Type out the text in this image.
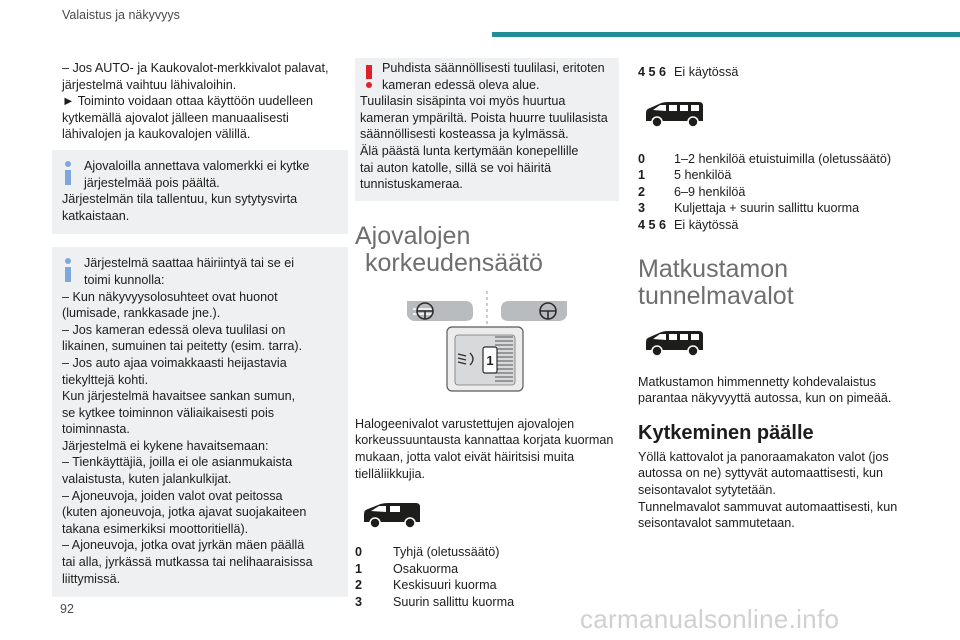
Valaistus ja näkyvyys

– Jos AUTO- ja Kaukovalot-merkkivalot palavat,

järjestelmä vaihtuu lähivaloihin.

► Toiminto voidaan ottaa käyttöön uudelleen

kytkemällä ajovalot jälleen manuaalisesti

lähivalojen ja kaukovalojen välillä.

Ajovaloilla annettava valomerkki ei kytke

järjestelmää pois päältä.

Järjestelmän tila tallentuu, kun sytytysvirta

katkaistaan.

Järjestelmä saattaa häiriintyä tai se ei

toimi kunnolla:

– Kun näkyvyysolosuhteet ovat huonot

(lumisade, rankkasade jne.).

– Jos kameran edessä oleva tuulilasi on

likainen, sumuinen tai peitetty (esim. tarra).

– Jos auto ajaa voimakkaasti heijastavia

tiekylttejä kohti.

Kun järjestelmä havaitsee sankan sumun,

se kytkee toiminnon väliaikaisesti pois

toiminnasta.

Järjestelmä ei kykene havaitsemaan:

– Tienkäyttäjiä, joilla ei ole asianmukaista

valaistusta, kuten jalankulkijat.

– Ajoneuvoja, joiden valot ovat peitossa

(kuten ajoneuvoja, jotka ajavat suojakaiteen

takana esimerkiksi moottoritiellä).

– Ajoneuvoja, jotka ovat jyrkän mäen päällä

tai alla, jyrkässä mutkassa tai nelihaaraisissa

liittymissä.

Puhdista säännöllisesti tuulilasi, eritoten

kameran edessä oleva alue.

Tuulilasin sisäpinta voi myös huurtua

kameran ympäriltä. Poista huurre tuulilasista

säännöllisesti kosteassa ja kylmässä.

Älä päästä lunta kertymään konepellille

tai auton katolle, sillä se voi häiritä

tunnistuskameraa.

Ajovalojen
korkeudensäätö
1

Halogeenivalot varustettujen ajovalojen

korkeussuuntausta kannattaa korjata kuorman

mukaan, jotta valot eivät häiritsisi muita

tielläliikkujia.

0	Tyhjä (oletussäätö)
1	Osakuorma
2	Keskisuuri kuorma
3	Suurin sallittu kuorma
4 5 6 Ei käytössä
0	1–2 henkilöä etuistuimilla (oletussäätö)
1	5 henkilöä
2	6–9 henkilöä
3	Kuljettaja + suurin sallittu kuorma
4 5 6 Ei käytössä
Matkustamon
tunnelmavalot

Matkustamon himmennetty kohdevalaistus

parantaa näkyvyyttä autossa, kun on pimeää.

Kytkeminen päälle

Yöllä kattovalot ja panoraamakaton valot (jos

autossa on ne) syttyvät automaattisesti, kun

seisontavalot sytytetään.

Tunnelmavalot sammuvat automaattisesti, kun

seisontavalot sammutetaan.

92	carmanualsonline.info
